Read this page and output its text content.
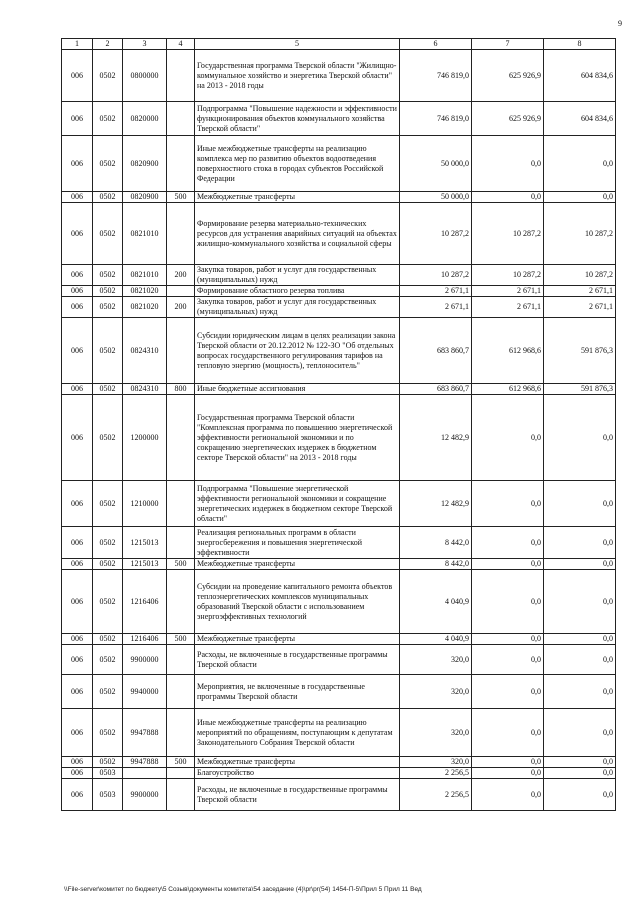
9
1	2	3	4	5	6	7	8
006	0502	0800000		Государственная программа Тверской области "Жилищно-коммунальное хозяйство и энергетика Тверской области" на 2013 - 2018 годы	746 819,0	625 926,9	604 834,6
006	0502	0820000		Подпрограмма "Повышение надежности и эффективности функционирования объектов коммунального хозяйства Тверской области"	746 819,0	625 926,9	604 834,6
006	0502	0820900		Иные межбюджетные трансферты на реализацию комплекса мер по развитию объектов водоотведения поверхностного стока в городах субъектов Российской Федерации	50 000,0	0,0	0,0
006	0502	0820900	500	Межбюджетные трансферты	50 000,0	0,0	0,0
006	0502	0821010		Формирование резерва материально-технических ресурсов для устранения аварийных ситуаций на объектах жилищно-коммунального хозяйства и социальной сферы	10 287,2	10 287,2	10 287,2
006	0502	0821010	200	Закупка товаров, работ и услуг для государственных (муниципальных) нужд	10 287,2	10 287,2	10 287,2
006	0502	0821020		Формирование областного резерва топлива	2 671,1	2 671,1	2 671,1
006	0502	0821020	200	Закупка товаров, работ и услуг для государственных (муниципальных) нужд	2 671,1	2 671,1	2 671,1
006	0502	0824310		Субсидии юридическим лицам в целях реализации закона Тверской области от 20.12.2012 № 122-ЗО "Об отдельных вопросах государственного регулирования тарифов на тепловую энергию (мощность), теплоноситель"	683 860,7	612 968,6	591 876,3
006	0502	0824310	800	Иные бюджетные ассигнования	683 860,7	612 968,6	591 876,3
006	0502	1200000		Государственная программа Тверской области "Комплексная программа по повышению энергетической эффективности региональной экономики и по сокращению энергетических издержек в бюджетном секторе Тверской области" на 2013 - 2018 годы	12 482,9	0,0	0,0
006	0502	1210000		Подпрограмма "Повышение энергетической эффективности региональной экономики и сокращение энергетических издержек в бюджетном секторе Тверской области"	12 482,9	0,0	0,0
006	0502	1215013		Реализация региональных программ в области энергосбережения и повышения энергетической эффективности	8 442,0	0,0	0,0
006	0502	1215013	500	Межбюджетные трансферты	8 442,0	0,0	0,0
006	0502	1216406		Субсидии на проведение капитального ремонта объектов теплоэнергетических комплексов муниципальных образований Тверской области с использованием энергоэффективных технологий	4 040,9	0,0	0,0
006	0502	1216406	500	Межбюджетные трансферты	4 040,9	0,0	0,0
006	0502	9900000		Расходы, не включенные в государственные программы Тверской области	320,0	0,0	0,0
006	0502	9940000		Мероприятия, не включенные в государственные программы Тверской области	320,0	0,0	0,0
006	0502	9947888		Иные межбюджетные трансферты на реализацию мероприятий по обращениям, поступающим к депутатам Законодательного Собрания Тверской области	320,0	0,0	0,0
006	0502	9947888	500	Межбюджетные трансферты	320,0	0,0	0,0
006	0503			Благоустройство	2 256,5	0,0	0,0
006	0503	9900000		Расходы, не включенные в государственные программы Тверской области	2 256,5	0,0	0,0
\\File-server\комитет по бюджету\5 Созыв\документы комитета\54 заседание (4)\pr\pr(54) 1454-П-5\Прил 5 Прил 11 Вед
